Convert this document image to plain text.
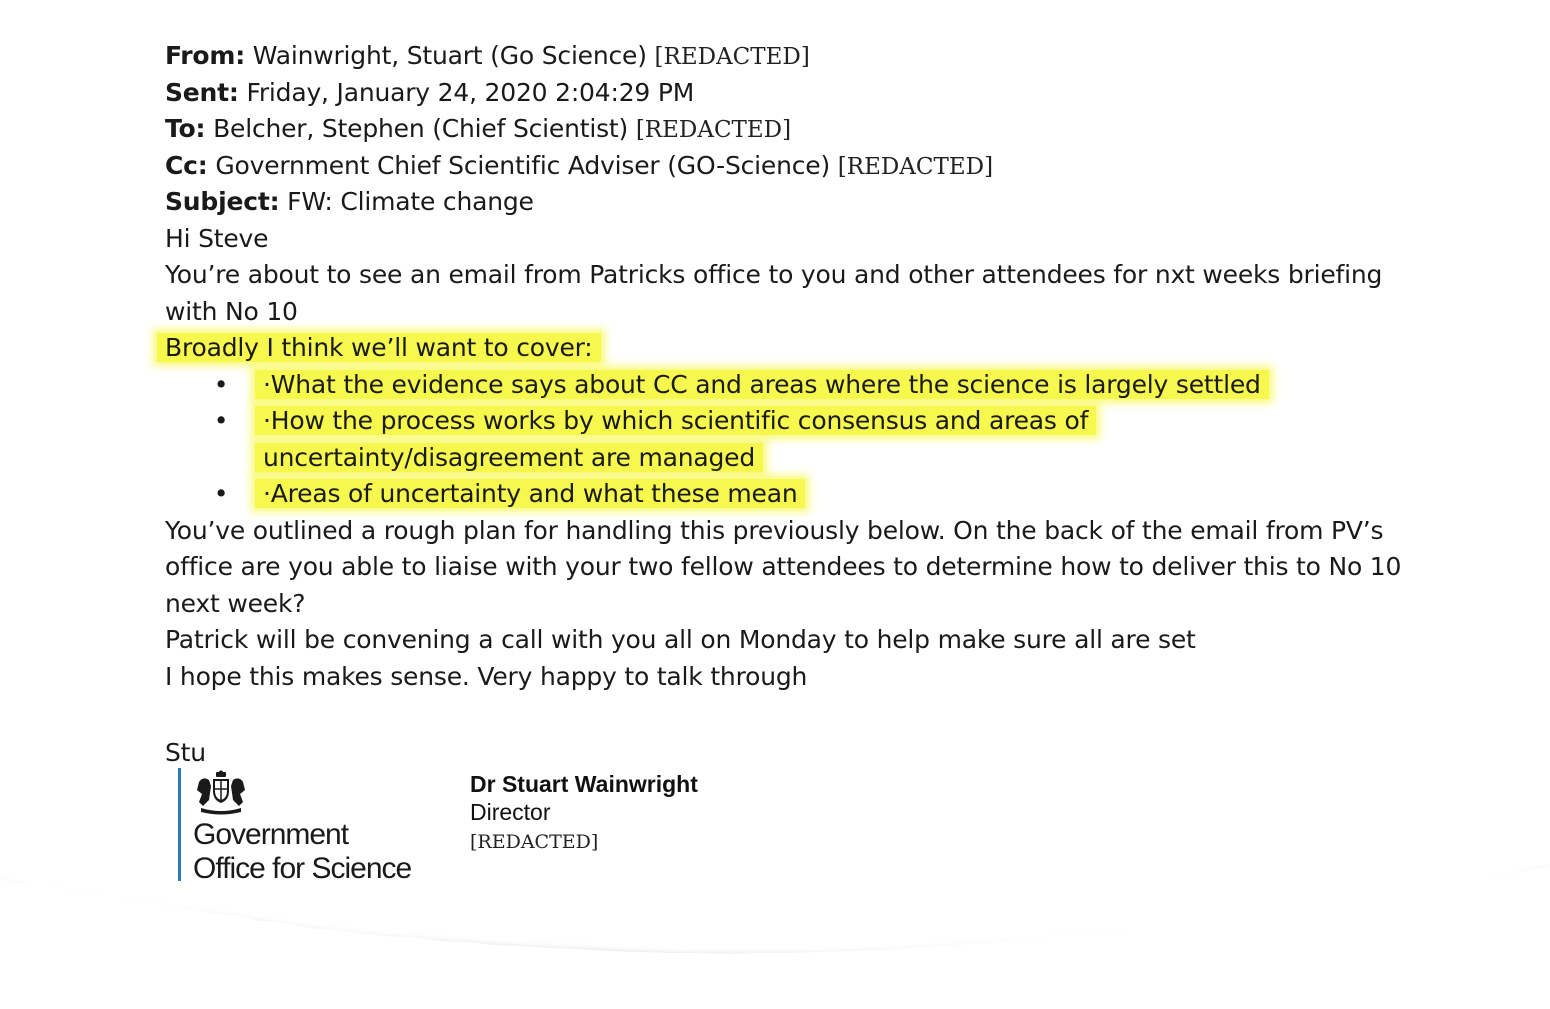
From: Wainwright, Stuart (Go Science) [REDACTED]
Sent: Friday, January 24, 2020 2:04:29 PM
To: Belcher, Stephen (Chief Scientist) [REDACTED]
Cc: Government Chief Scientific Adviser (GO-Science) [REDACTED]
Subject: FW: Climate change
Hi Steve
You’re about to see an email from Patricks office to you and other attendees for nxt weeks briefing
with No 10
Broadly I think we’ll want to cover:
• ·What the evidence says about CC and areas where the science is largely settled
• ·How the process works by which scientific consensus and areas of
uncertainty/disagreement are managed
• ·Areas of uncertainty and what these mean
You’ve outlined a rough plan for handling this previously below. On the back of the email from PV’s
office are you able to liaise with your two fellow attendees to determine how to deliver this to No 10
next week?
Patrick will be convening a call with you all on Monday to help make sure all are set
I hope this makes sense. Very happy to talk through
Stu
Government
Office for Science
Dr Stuart Wainwright
Director
[REDACTED]
